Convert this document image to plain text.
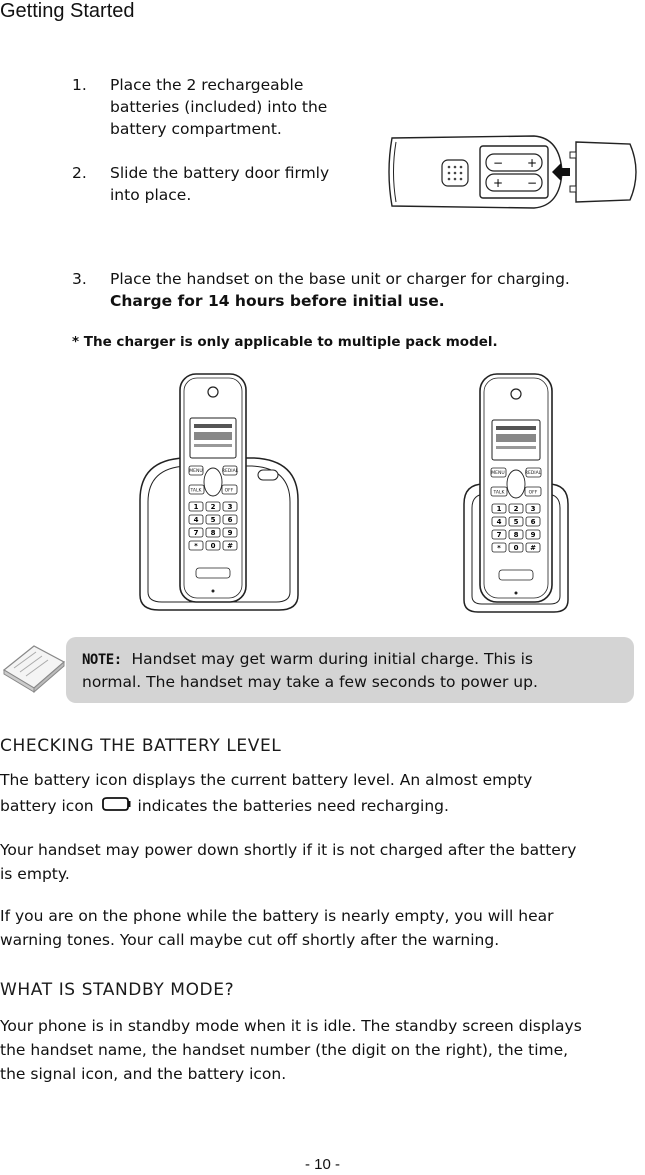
Getting Started
1.	Place the 2 rechargeable
batteries (included) into the
battery compartment.
2.	Slide the battery door firmly
into place.
− +
+ −
3.	Place the handset on the base unit or charger for charging.
Charge for 14 hours before initial use.
* The charger is only applicable to multiple pack model.
MENU	REDIAL
TALK	OFF
1 2 3
4 5 6
7 8 9
* 0 #
MENU	REDIAL
TALK	OFF
1 2 3
4 5 6
7 8 9
* 0 #
NOTE:  Handset may get warm during initial charge. This is
normal. The handset may take a few seconds to power up.
CHECKING THE BATTERY LEVEL
The battery icon displays the current battery level. An almost empty
battery icon	indicates the batteries need recharging.
Your handset may power down shortly if it is not charged after the battery
is empty.
If you are on the phone while the battery is nearly empty, you will hear
warning tones. Your call maybe cut off shortly after the warning.
WHAT IS STANDBY MODE?
Your phone is in standby mode when it is idle. The standby screen displays
the handset name, the handset number (the digit on the right), the time,
the signal icon, and the battery icon.
- 10 -
